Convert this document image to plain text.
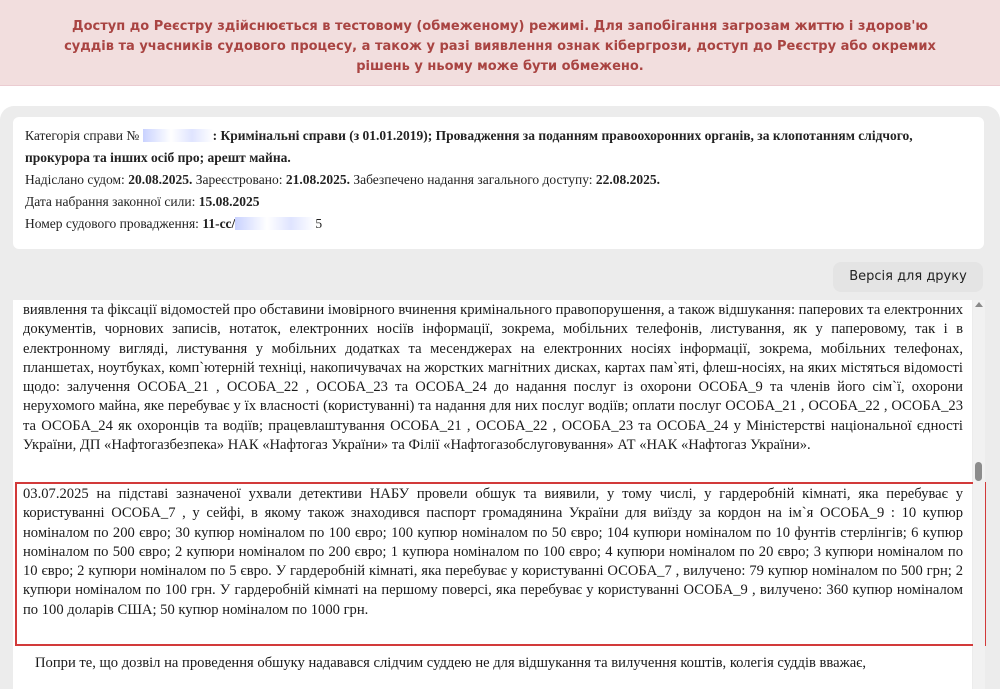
Доступ до Реєстру здійснюється в тестовому (обмеженому) режимі. Для запобігання загрозам життю і здоров'ю суддів та учасників судового процесу, а також у разі виявлення ознак кібергрози, доступ до Реєстру або окремих рішень у ньому може бути обмежено.
Категорія справи №	: Кримінальні справи (з 01.01.2019); Провадження за поданням правоохоронних органів, за клопотанням слідчого, прокурора та інших осіб про; арешт майна.
Надіслано судом: 20.08.2025. Зареєстровано: 21.08.2025. Забезпечено надання загального доступу: 22.08.2025.
Дата набрання законної сили: 15.08.2025
Номер судового провадження: 11-сс/	5
Версія для друку

виявлення та фіксації відомостей про обставини імовірного вчинення кримінального правопорушення, а також відшукання: паперових та електронних документів, чорнових записів, нотаток, електронних носіїв інформації, зокрема, мобільних телефонів, листування, як у паперовому, так і в електронному вигляді, листування у мобільних додатках та месенджерах на електронних носіях інформації, зокрема, мобільних телефонах, планшетах, ноутбуках, комп`ютерній техніці, накопичувачах на жорстких магнітних дисках, картах пам`яті, флеш-носіях, на яких містяться відомості щодо: залучення ОСОБА_21 , ОСОБА_22 , ОСОБА_23 та ОСОБА_24 до надання послуг із охорони ОСОБА_9 та членів його сім`ї, охорони нерухомого майна, яке перебуває у їх власності (користуванні) та надання для них послуг водіїв; оплати послуг ОСОБА_21 , ОСОБА_22 , ОСОБА_23 та ОСОБА_24 як охоронців та водіїв; працевлаштування ОСОБА_21 , ОСОБА_22 , ОСОБА_23 та ОСОБА_24 у Міністерстві національної єдності України, ДП «Нафтогазбезпека» НАК «Нафтогаз України» та Філії «Нафтогазобслуговування» АТ «НАК «Нафтогаз України».

03.07.2025 на підставі зазначеної ухвали детективи НАБУ провели обшук та виявили, у тому числі, у гардеробній кімнаті, яка перебуває у користуванні ОСОБА_7 , у сейфі, в якому також знаходився паспорт громадянина України для виїзду за кордон на ім`я ОСОБА_9 : 10 купюр номіналом по 200 євро; 30 купюр номіналом по 100 євро; 100 купюр номіналом по 50 євро; 104 купюри номіналом по 10 фунтів стерлінгів; 6 купюр номіналом по 500 євро; 2 купюри номіналом по 200 євро; 1 купюра номіналом по 100 євро; 4 купюри номіналом по 20 євро; 3 купюри номіналом по 10 євро; 2 купюри номіналом по 5 євро. У гардеробній кімнаті, яка перебуває у користуванні ОСОБА_7 , вилучено: 79 купюр номіналом по 500 грн; 2 купюри номіналом по 100 грн. У гардеробній кімнаті на першому поверсі, яка перебуває у користуванні ОСОБА_9 , вилучено: 360 купюр номіналом по 100 доларів США; 50 купюр номіналом по 1000 грн.

Попри те, що дозвіл на проведення обшуку надавався слідчим суддею не для відшукання та вилучення коштів, колегія суддів вважає,
